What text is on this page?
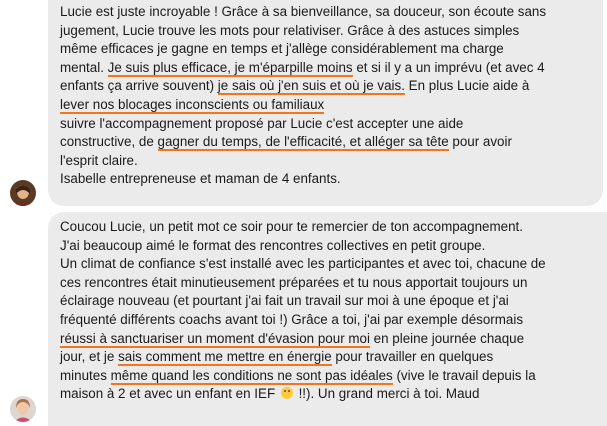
Lucie est juste incroyable ! Grâce à sa bienveillance, sa douceur, son écoute sans
jugement, Lucie trouve les mots pour relativiser. Grâce à des astuces simples
même efficaces je gagne en temps et j'allège considérablement ma charge
mental. Je suis plus efficace, je m'éparpille moins et si il y a un imprévu (et avec 4
enfants ça arrive souvent) je sais où j'en suis et où je vais. En plus Lucie aide à
lever nos blocages inconscients ou familiaux
suivre l'accompagnement proposé par Lucie c'est accepter une aide
constructive, de gagner du temps, de l'efficacité, et alléger sa tête pour avoir
l'esprit claire.
Isabelle entrepreneuse et maman de 4 enfants.
Coucou Lucie, un petit mot ce soir pour te remercier de ton accompagnement.
J'ai beaucoup aimé le format des rencontres collectives en petit groupe.
Un climat de confiance s'est installé avec les participantes et avec toi, chacune de
ces rencontres était minutieusement préparées et tu nous apportait toujours un
éclairage nouveau (et pourtant j'ai fait un travail sur moi à une époque et j'ai
fréquenté différents coachs avant toi !) Grâce a toi, j'ai par exemple désormais
réussi à sanctuariser un moment d'évasion pour moi en pleine journée chaque
jour, et je sais comment me mettre en énergie pour travailler en quelques
minutes même quand les conditions ne sont pas idéales (vive le travail depuis la
maison à 2 et avec un enfant en IEF  !!). Un grand merci à toi. Maud
